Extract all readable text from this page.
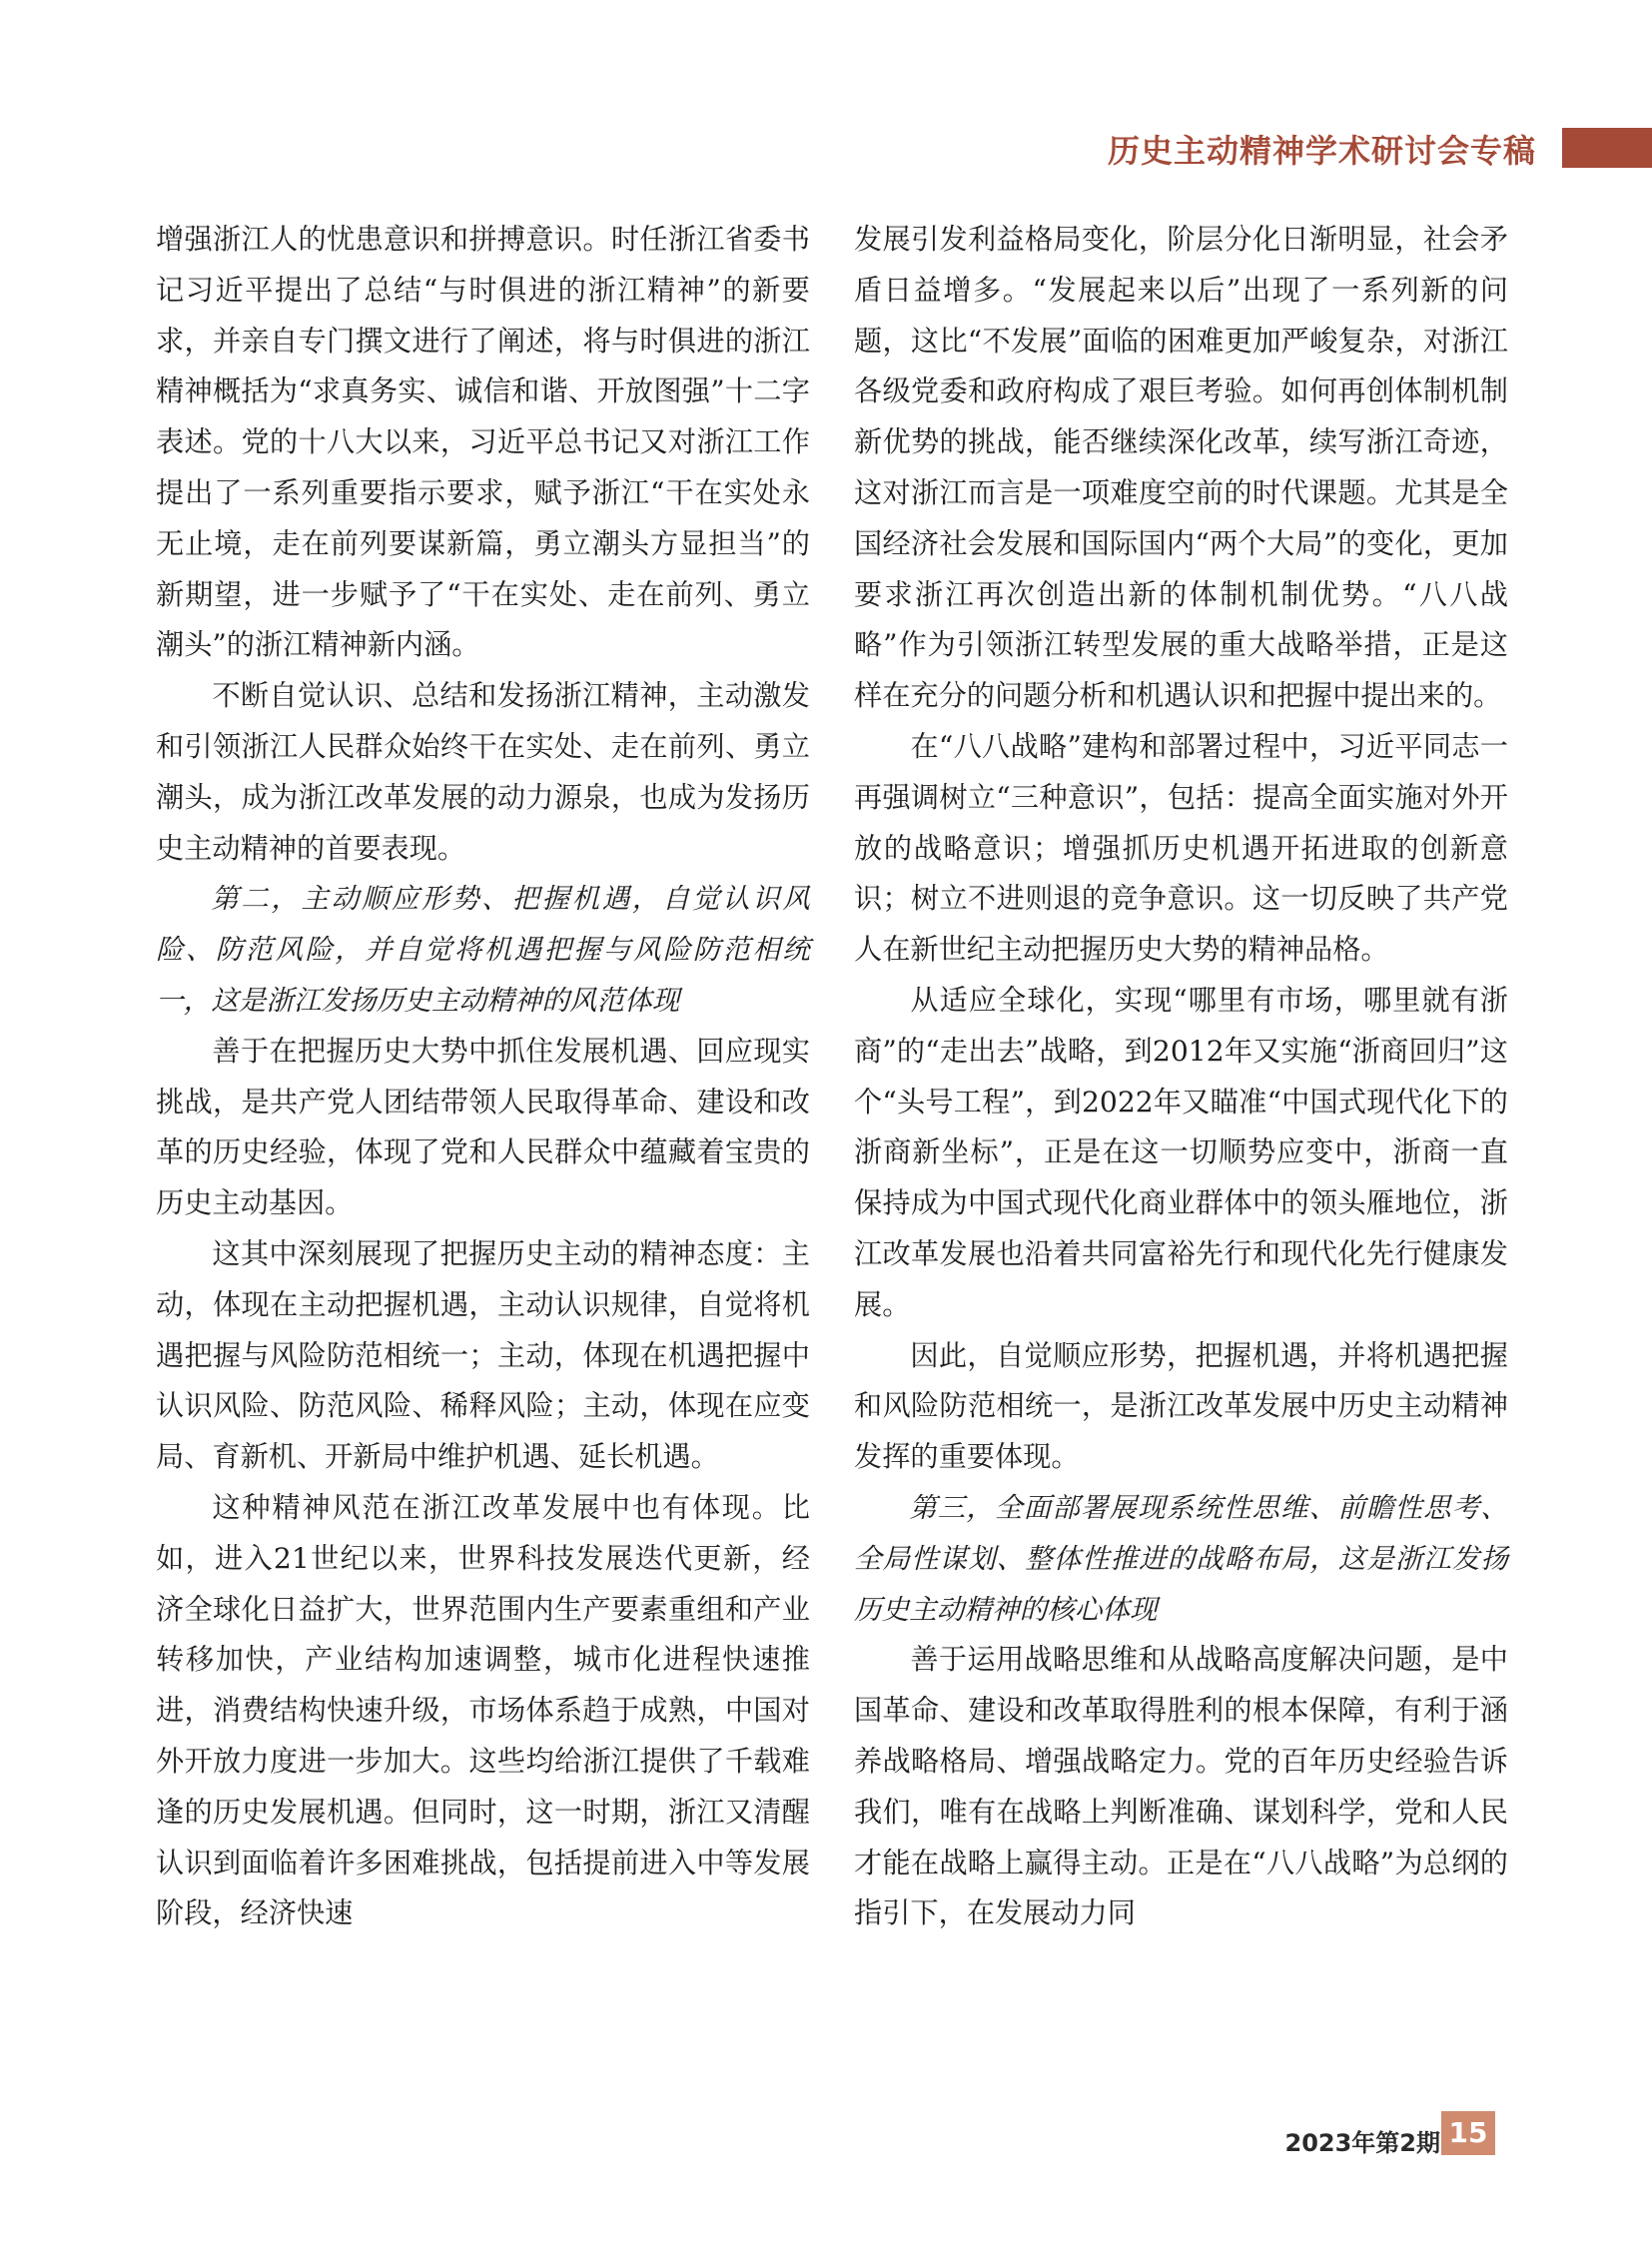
历史主动精神学术研讨会专稿

增强浙江人的忧患意识和拼搏意识。时任浙江省委书记习近平提出了总结“与时俱进的浙江精神”的新要求，并亲自专门撰文进行了阐述，将与时俱进的浙江精神概括为“求真务实、诚信和谐、开放图强”十二字表述。党的十八大以来，习近平总书记又对浙江工作提出了一系列重要指示要求，赋予浙江“干在实处永无止境，走在前列要谋新篇，勇立潮头方显担当”的新期望，进一步赋予了“干在实处、走在前列、勇立潮头”的浙江精神新内涵。

不断自觉认识、总结和发扬浙江精神，主动激发和引领浙江人民群众始终干在实处、走在前列、勇立潮头，成为浙江改革发展的动力源泉，也成为发扬历史主动精神的首要表现。

第二，主动顺应形势、把握机遇，自觉认识风险、防范风险，并自觉将机遇把握与风险防范相统一，这是浙江发扬历史主动精神的风范体现

善于在把握历史大势中抓住发展机遇、回应现实挑战，是共产党人团结带领人民取得革命、建设和改革的历史经验，体现了党和人民群众中蕴藏着宝贵的历史主动基因。

这其中深刻展现了把握历史主动的精神态度：主动，体现在主动把握机遇，主动认识规律，自觉将机遇把握与风险防范相统一；主动，体现在机遇把握中认识风险、防范风险、稀释风险；主动，体现在应变局、育新机、开新局中维护机遇、延长机遇。

这种精神风范在浙江改革发展中也有体现。比如，进入21世纪以来，世界科技发展迭代更新，经济全球化日益扩大，世界范围内生产要素重组和产业转移加快，产业结构加速调整，城市化进程快速推进，消费结构快速升级，市场体系趋于成熟，中国对外开放力度进一步加大。这些均给浙江提供了千载难逢的历史发展机遇。但同时，这一时期，浙江又清醒认识到面临着许多困难挑战，包括提前进入中等发展阶段，经济快速

发展引发利益格局变化，阶层分化日渐明显，社会矛盾日益增多。“发展起来以后”出现了一系列新的问题，这比“不发展”面临的困难更加严峻复杂，对浙江各级党委和政府构成了艰巨考验。如何再创体制机制新优势的挑战，能否继续深化改革，续写浙江奇迹，这对浙江而言是一项难度空前的时代课题。尤其是全国经济社会发展和国际国内“两个大局”的变化，更加要求浙江再次创造出新的体制机制优势。“八八战略”作为引领浙江转型发展的重大战略举措，正是这样在充分的问题分析和机遇认识和把握中提出来的。

在“八八战略”建构和部署过程中，习近平同志一再强调树立“三种意识”，包括：提高全面实施对外开放的战略意识；增强抓历史机遇开拓进取的创新意识；树立不进则退的竞争意识。这一切反映了共产党人在新世纪主动把握历史大势的精神品格。

从适应全球化，实现“哪里有市场，哪里就有浙商”的“走出去”战略，到2012年又实施“浙商回归”这个“头号工程”，到2022年又瞄准“中国式现代化下的浙商新坐标”，正是在这一切顺势应变中，浙商一直保持成为中国式现代化商业群体中的领头雁地位，浙江改革发展也沿着共同富裕先行和现代化先行健康发展。

因此，自觉顺应形势，把握机遇，并将机遇把握和风险防范相统一，是浙江改革发展中历史主动精神发挥的重要体现。

第三，全面部署展现系统性思维、前瞻性思考、全局性谋划、整体性推进的战略布局，这是浙江发扬历史主动精神的核心体现

善于运用战略思维和从战略高度解决问题，是中国革命、建设和改革取得胜利的根本保障，有利于涵养战略格局、增强战略定力。党的百年历史经验告诉我们，唯有在战略上判断准确、谋划科学，党和人民才能在战略上赢得主动。正是在“八八战略”为总纲的指引下，在发展动力同

2023年第2期 15
